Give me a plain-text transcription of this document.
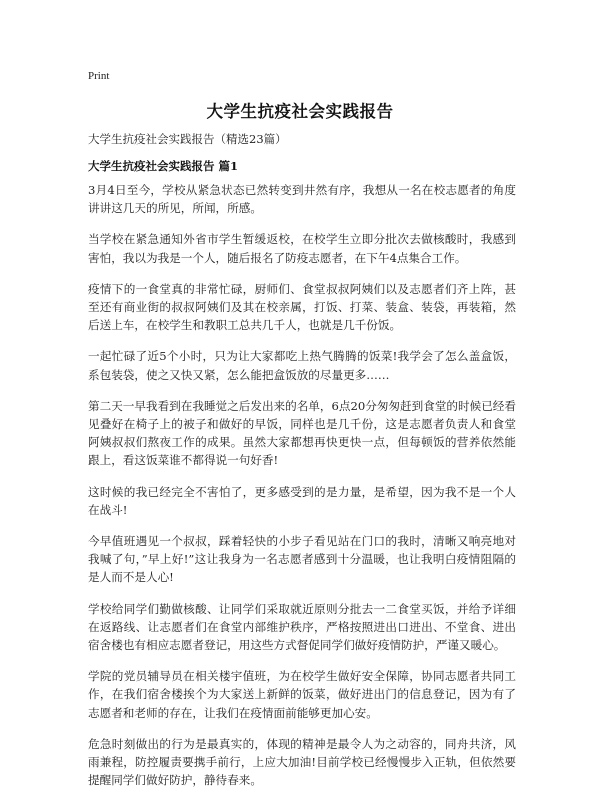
Print
大学生抗疫社会实践报告
大学生抗疫社会实践报告（精选23篇）
大学生抗疫社会实践报告 篇1

3月4日至今，学校从紧急状态已然转变到井然有序，我想从一名在校志愿者的角度讲讲这几天的所见，所闻，所感。

当学校在紧急通知外省市学生暂缓返校，在校学生立即分批次去做核酸时，我感到害怕，我以为我是一个人，随后报名了防疫志愿者，在下午4点集合工作。

疫情下的一食堂真的非常忙碌，厨师们、食堂叔叔阿姨们以及志愿者们齐上阵，甚至还有商业街的叔叔阿姨们及其在校亲属，打饭、打菜、装盒、装袋，再装箱，然后送上车，在校学生和教职工总共几千人，也就是几千份饭。

一起忙碌了近5个小时，只为让大家都吃上热气腾腾的饭菜!我学会了怎么盖盒饭，系包装袋，使之又快又紧，怎么能把盒饭放的尽量更多……

第二天一早我看到在我睡觉之后发出来的名单，6点20分匆匆赶到食堂的时候已经看见叠好在椅子上的被子和做好的早饭，同样也是几千份，这是志愿者负责人和食堂阿姨叔叔们熬夜工作的成果。虽然大家都想再快更快一点，但每顿饭的营养依然能跟上，看这饭菜谁不都得说一句好香!

这时候的我已经完全不害怕了，更多感受到的是力量，是希望，因为我不是一个人在战斗!

今早值班遇见一个叔叔，踩着轻快的小步子看见站在门口的我时，清晰又响亮地对我喊了句，”早上好!”这让我身为一名志愿者感到十分温暖，也让我明白疫情阻隔的是人而不是人心!

学校给同学们勤做核酸、让同学们采取就近原则分批去一二食堂买饭，并给予详细在返路线、让志愿者们在食堂内部维护秩序，严格按照进出口进出、不堂食、进出宿舍楼也有相应志愿者登记，用这些方式督促同学们做好疫情防护，严谨又暖心。

学院的党员辅导员在相关楼宇值班，为在校学生做好安全保障，协同志愿者共同工作，在我们宿舍楼挨个为大家送上新鲜的饭菜，做好进出门的信息登记，因为有了志愿者和老师的存在，让我们在疫情面前能够更加心安。

危急时刻做出的行为是最真实的，体现的精神是最令人为之动容的，同舟共济，风雨兼程，防控履责要携手前行，上应大加油!目前学校已经慢慢步入正轨，但依然要提醒同学们做好防护，静待春来。
